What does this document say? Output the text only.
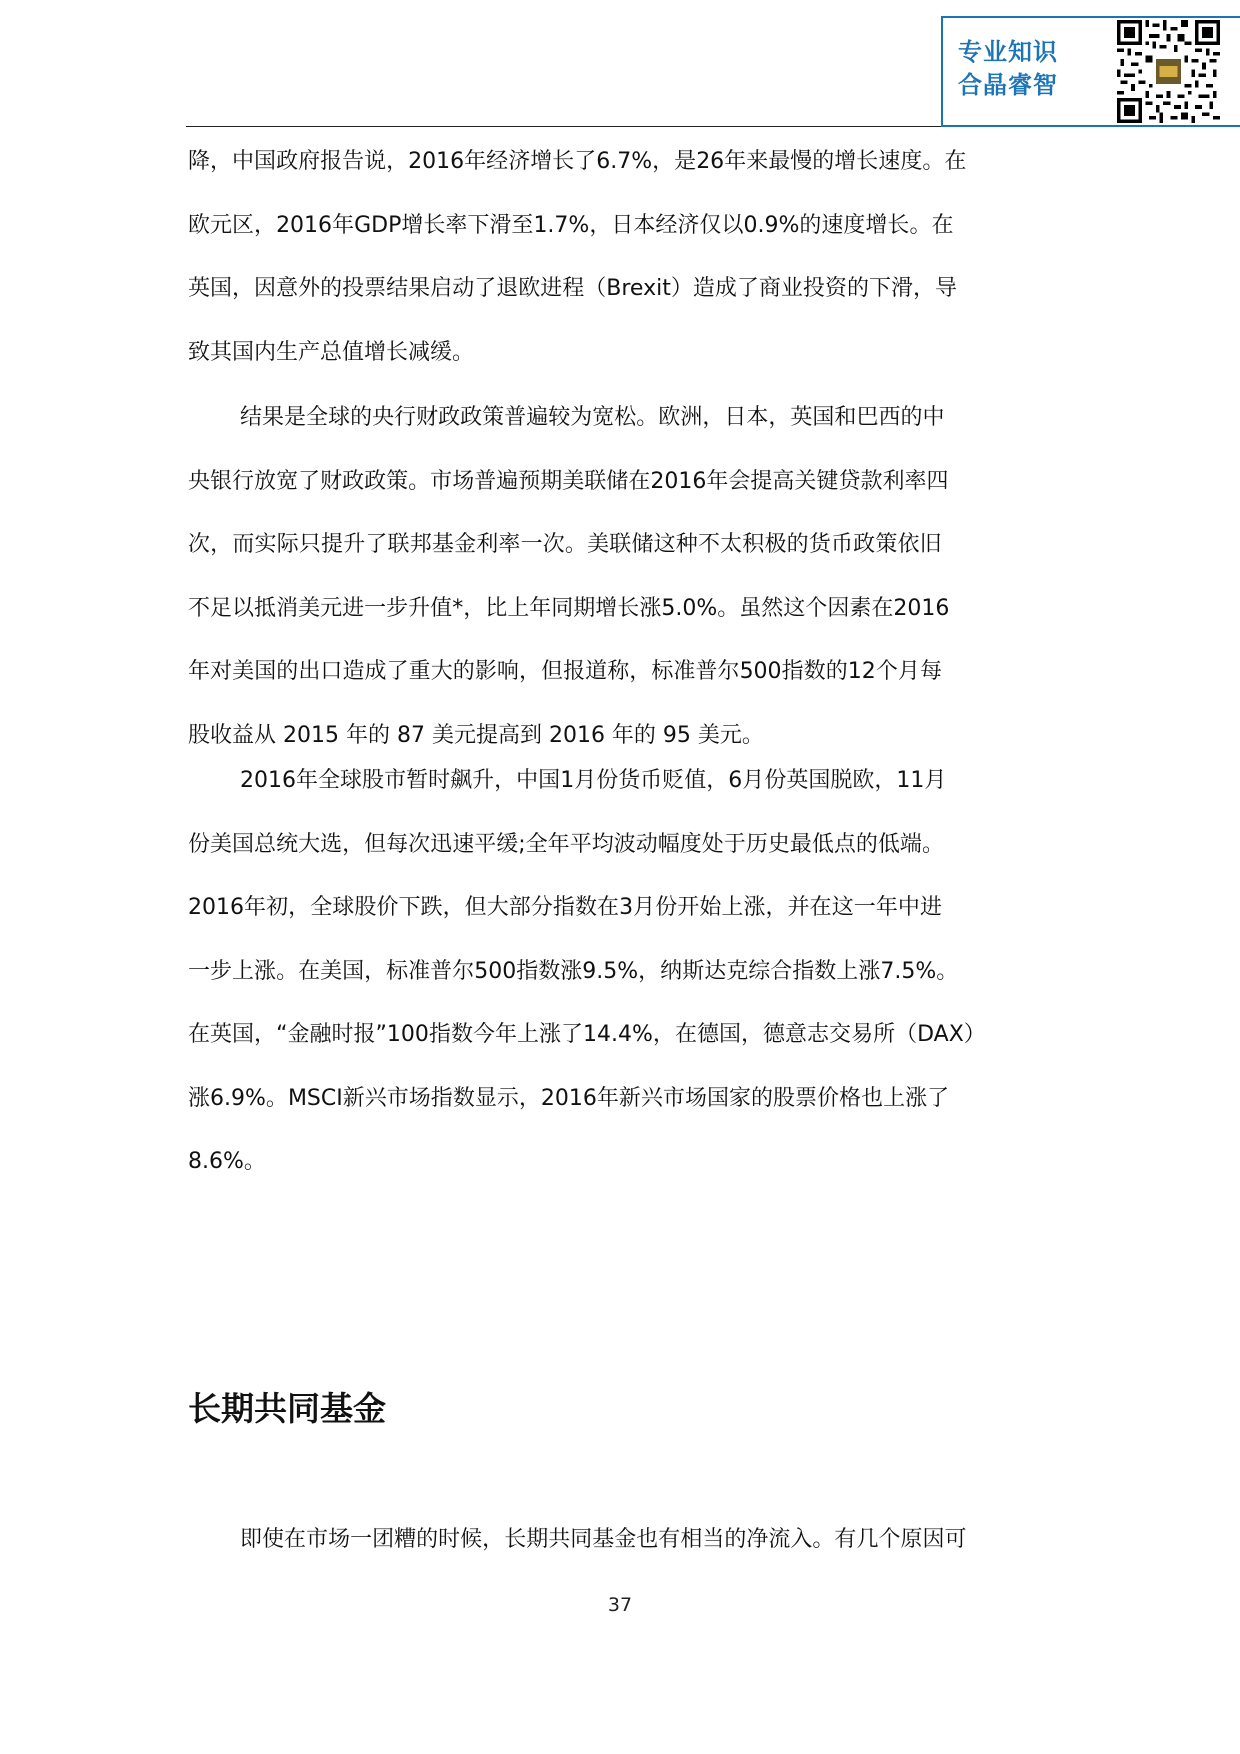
专业知识
合晶睿智
降 ， 中 国 政 府 报 告 说 ， 2016 年 经 济 增 长 了 6.7% ， 是 26 年 来 最 慢 的 增 长 速 度 。 在
欧 元 区 ， 2016 年 GDP 增 长 率 下 滑 至 1.7% ， 日 本 经 济 仅 以 0.9% 的 速 度 增 长 。 在
英 国 ， 因 意 外 的 投 票 结 果 启 动 了 退 欧 进 程 （Brexit） 造 成 了 商 业 投 资 的 下 滑 ， 导
致其国内生产总值增长减缓。
结 果 是 全 球 的 央 行 财 政 政 策 普 遍 较 为 宽 松 。 欧 洲 ， 日 本 ， 英 国 和 巴 西 的 中
央 银 行 放 宽 了 财 政 政 策 。 市 场 普 遍 预 期 美 联 储 在 2016 年 会 提 高 关 键 贷 款 利 率 四
次 ， 而 实 际 只 提 升 了 联 邦 基 金 利 率 一 次 。 美 联 储 这 种 不 太 积 极 的 货 币 政 策 依 旧
不 足 以 抵 消 美 元 进 一 步 升 值 * ， 比 上 年 同 期 增 长 涨 5.0% 。 虽 然 这 个 因 素 在 2016
年 对 美 国 的 出 口 造 成 了 重 大 的 影 响 ， 但 报 道 称 ， 标 准 普 尔 500 指 数 的 12 个 月 每
股收益从 2015 年的 87 美元提高到 2016 年的 95 美元。
2016 年 全 球 股 市 暂 时 飙 升 ， 中 国 1 月 份 货 币 贬 值 ， 6 月 份 英 国 脱 欧 ， 11 月
份 美 国 总 统 大 选 ， 但 每 次 迅 速 平 缓 ; 全 年 平 均 波 动 幅 度 处 于 历 史 最 低 点 的 低 端 。
2016 年 初 ， 全 球 股 价 下 跌 ， 但 大 部 分 指 数 在 3 月 份 开 始 上 涨 ， 并 在 这 一 年 中 进
一 步 上 涨 。 在 美 国 ， 标 准 普 尔 500 指 数 涨 9.5% ， 纳 斯 达 克 综 合 指 数 上 涨 7.5% 。
在 英 国 ， “ 金 融 时 报 ”100 指 数 今 年 上 涨 了 14.4% ， 在 德 国 ， 德 意 志 交 易 所 （DAX）
涨 6.9% 。 MSCI 新 兴 市 场 指 数 显 示 ， 2016 年 新 兴 市 场 国 家 的 股 票 价 格 也 上 涨 了
8.6%。
长期共同基金
即 使 在 市 场 一 团 糟 的 时 候 ， 长 期 共 同 基 金 也 有 相 当 的 净 流 入 。 有 几 个 原 因 可
37
